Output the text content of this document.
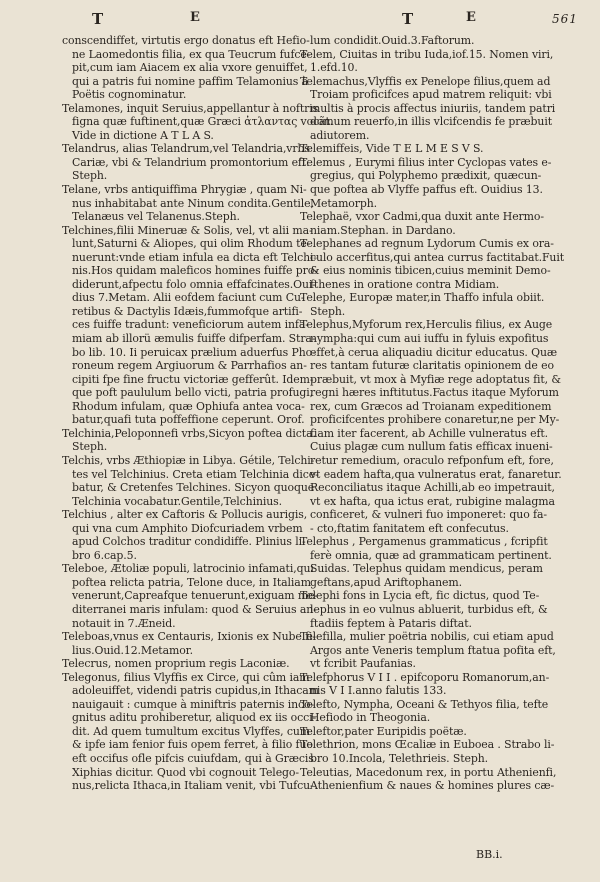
T	E	T	E	561
consce​ndiffet, virtutis ergo donatus eft Hefio-
ne Laomedontis filia, ex qua Teucrum fufce-
pit,cum iam Aiacem ex alia vxore genuiffet,
qui a patris fui nomine paffim Telamonius à
Poëtis cognominatur.
Telamones, inquit Seruius,appellantur à noftris
figna quæ fuftinent,quæ Græci ἀτλαντας vocãt.
Vide in dictione A T L A S.
Telandrus, alias Telandrum,vel Telandria,vrbs
Cariæ, vbi & Telandrium promontorium eft.
Steph.
Telane, vrbs antiquiffima Phrygiæ , quam Ni-
nus inhabitabat ante Ninum condita.Gentile,
Telanæus vel Telanenus.Steph.
Telchines,filii Mineruæ & Solis, vel, vt alii ma-
lunt,Saturni & Aliopes, qui olim Rhodum te-
nuerunt:vnde etiam infula ea dicta eft Telchi-
nis.Hos quidam maleficos homines fuiffe pro-
diderunt,afpectu folo omnia effafcinates.Oui-
dius 7.Metam. Alii eofdem faciunt cum Cu-
retibus & Dactylis Idæis,fummofque artifi-
ces fuiffe tradunt: veneficiorum autem infa-
miam ab illorü æmulis fuiffe difperfam. Stra-
bo lib. 10. Ii peruicax prælium aduerfus Pho-
roneum regem Argiuorum & Parrhafios an-
cipiti fpe fine fructu victoriæ gefferût. Idem-
que poft paululum bello victi, patria profugi,
Rhodum infulam, quæ Ophiufa antea voca-
batur,quafi tuta poffeffione ceperunt. Orof.
Telchinia,Peloponnefi vrbs,Sicyon poftea dicta.
Steph.
Telchis, vrbs Æthiopiæ in Libya. Gétile, Telchi-
tes vel Telchinius. Creta etiam Telchinia dice-
batur, & Cretenfes Telchines. Sicyon quoque
Telchinia vocabatur.Gentile,Telchinius.
Telchius , alter ex Caftoris & Pollucis aurigis,
qui vna cum Amphito Diofcuriadem vrbem
apud Colchos traditur condidiffe. Plinius li-
bro 6.cap.5.
Teleboe, Ætoliæ populi, latrocinio infamati,qui
poftea relicta patria, Telone duce, in Italiam
venerunt,Capreafque tenuerunt,exiguam me-
diterranei maris infulam: quod & Seruius an-
notauit in 7.Æneid.
Teleboas,vnus ex Centauris, Ixionis ex Nube fi-
lius.Ouid.12.Metamor.
Telecrus, nomen proprium regis Laconiæ.
Telegonus, filius Vlyffis ex Circe, qui cûm iam
adoleuiffet, videndi patris cupidus,in Ithacam
nauigauit : cumque à miniftris paternis inco-
gnitus aditu prohiberetur, aliquod ex iis occi-
dit. Ad quem tumultum excitus Vlyffes, cum
& ipfe iam fenior fuis opem ferret, à filio fuo
eft occifus ofle pifcis cuiufdam, qui à Græcis
Xiphias dicitur. Quod vbi cognouit Telego-
nus,relicta Ithaca,in Italiam venit, vbi Tufcu-
lum condidit.Ouid.3.Faftorum.
Telem, Ciuitas in tribu Iuda,iof.15. Nomen viri,
1.efd.10.
Telemachus,Vlyffis ex Penelope filius,quem ad
Troiam proficifces apud matrem reliquit: vbi
multis à procis affectus iniuriis, tandem patri
domum reuerfo,in illis vlcifcendis fe præbuit
adiutorem.
Telemiffeis, Vide T E L M E S V S.
Telemus , Eurymi filius inter Cyclopas vates e-
gregius, qui Polyphemo prædixit, quæcun-
que poftea ab Vlyffe paffus eft. Ouidius 13.
Metamorph.
Telephaë, vxor Cadmi,qua duxit ante Hermo-
niam.Stephan. in Dardano.
Telephanes ad regnum Lydorum Cumis ex ora-
culo accerfitus,qui antea currus factitabat.Fuit
& eius nominis tibicen,cuius meminit Demo-
fthenes in oratione contra Midiam.
Telephe, Europæ mater,in Thaffo infula obiit.
Steph.
Telephus,Myforum rex,Herculis filius, ex Auge
nympha:qui cum aui iuffu in fyluis expofitus
effet,à cerua aliquadiu dicitur educatus. Quæ
res tantam futuræ claritatis opinionem de eo
præbuit, vt mox à Myfiæ rege adoptatus fit, &
regni hæres inftitutus.Factus itaque Myforum
rex, cum Græcos ad Troianam expeditionem
proficifcentes prohibere conaretur,ne per My-
fiam iter facerent, ab Achille vulneratus eft.
Cuius plagæ cum nullum fatis efficax inueni-
retur remedium, oraculo refponfum eft, fore,
vt eadem hafta,qua vulneratus erat, fanaretur.
Reconciliatus itaque Achilli,ab eo impetrauit,
vt ex hafta, qua ictus erat, rubigine malagma
conficeret, & vulneri fuo imponeret: quo fa-
- cto,ftatim fanitatem eft confecutus.
Telephus , Pergamenus grammaticus , fcripfit
ferè omnia, quæ ad grammaticam pertinent.
Suidas. Telephus quidam mendicus, peram
geftans,apud Ariftophanem.
Telephi fons in Lycia eft, fic dictus, quod Te-
lephus in eo vulnus abluerit, turbidus eft, &
ftadiis feptem à Pataris diftat.
Telefilla, mulier poëtria nobilis, cui etiam apud
Argos ante Veneris templum ftatua pofita eft,
vt fcribit Paufanias.
Telefphorus V I I . epifcoporu Romanorum,an-
nis V I I.anno falutis 133.
Telefto, Nympha, Oceani & Tethyos filia, tefte
Hefiodo in Theogonia.
Teleftor,pater Euripidis poëtæ.
Telethrion, mons Œcaliæ in Euboea . Strabo li-
bro 10.Incola, Telethrieis. Steph.
Teleutias, Macedonum rex, in portu Athenienfi,
Athenienfium & naues & homines plures cæ-
BB.i.
